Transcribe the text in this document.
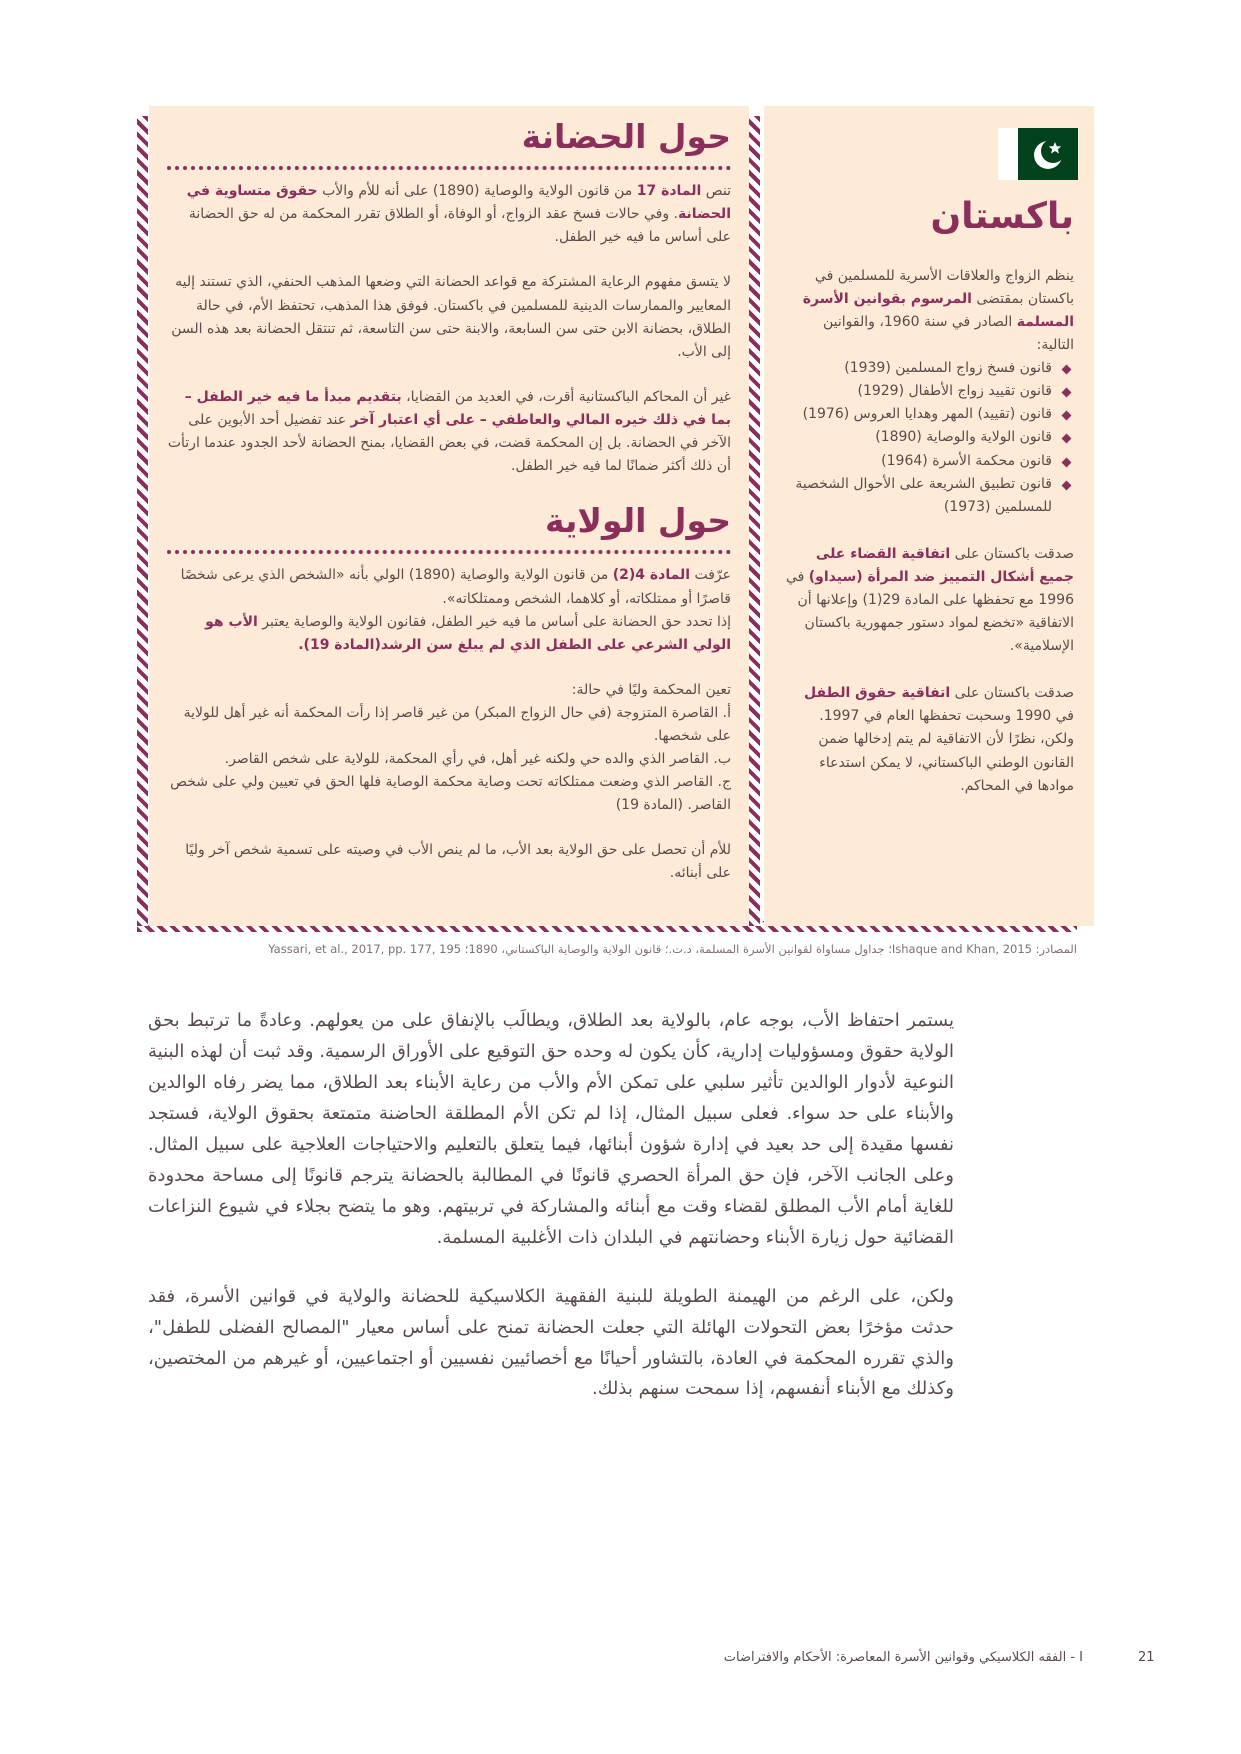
باكستان

ينظم الزواج والعلاقات الأسرية للمسلمين في باكستان بمقتضى المرسوم بقوانين الأسرة المسلمة الصادر في سنة 1960، والقوانين التالية:

قانون فسخ زواج المسلمين (1939)
قانون تقييد زواج الأطفال (1929)
قانون (تقييد) المهر وهدايا العروس (1976)
قانون الولاية والوصاية (1890)
قانون محكمة الأسرة (1964)
قانون تطبيق الشريعة على الأحوال الشخصية للمسلمين (1973)

صدقت باكستان على اتفاقية القضاء على جميع أشكال التمييز ضد المرأة (سيداو) في 1996 مع تحفظها على المادة 29(1) وإعلانها أن الاتفاقية «تخضع لمواد دستور جمهورية باكستان الإسلامية».

صدقت باكستان على اتفاقية حقوق الطفل في 1990 وسحبت تحفظها العام في 1997. ولكن، نظرًا لأن الاتفاقية لم يتم إدخالها ضمن القانون الوطني الباكستاني، لا يمكن استدعاء موادها في المحاكم.

حول الحضانة

تنص المادة 17 من قانون الولاية والوصاية (1890) على أنه للأم والأب حقوق متساوية في الحضانة. وفي حالات فسخ عقد الزواج، أو الوفاة، أو الطلاق تقرر المحكمة من له حق الحضانة على أساس ما فيه خير الطفل.

لا يتسق مفهوم الرعاية المشتركة مع قواعد الحضانة التي وضعها المذهب الحنفي، الذي تستند إليه المعايير والممارسات الدينية للمسلمين في باكستان. فوفق هذا المذهب، تحتفظ الأم، في حالة الطلاق، بحضانة الابن حتى سن السابعة، والابنة حتى سن التاسعة، ثم تنتقل الحضانة بعد هذه السن إلى الأب.

غير أن المحاكم الباكستانية أقرت، في العديد من القضايا، بتقديم مبدأ ما فيه خير الطفل – بما في ذلك خيره المالي والعاطفي – على أي اعتبار آخر عند تفضيل أحد الأبوين على الآخر في الحضانة. بل إن المحكمة قضت، في بعض القضايا، بمنح الحضانة لأحد الجدود عندما ارتأت أن ذلك أكثر ضمانًا لما فيه خير الطفل.

حول الولاية

عرّفت المادة 4(2) من قانون الولاية والوصاية (1890) الولي بأنه «الشخص الذي يرعى شخصًا قاصرًا أو ممتلكاته، أو كلاهما، الشخص وممتلكاته».
إذا تحدد حق الحضانة على أساس ما فيه خير الطفل، فقانون الولاية والوصاية يعتبر الأب هو الولي الشرعي على الطفل الذي لم يبلغ سن الرشد(المادة 19).

تعين المحكمة وليًا في حالة:
أ. القاصرة المتزوجة (في حال الزواج المبكر) من غير قاصر إذا رأت المحكمة أنه غير أهل للولاية على شخصها.
ب. القاصر الذي والده حي ولكنه غير أهل، في رأي المحكمة، للولاية على شخص القاصر.
ج. القاصر الذي وضعت ممتلكاته تحت وصاية محكمة الوصاية فلها الحق في تعيين ولي على شخص القاصر. (المادة 19)

للأم أن تحصل على حق الولاية بعد الأب، ما لم ينص الأب في وصيته على تسمية شخص آخر وليًا على أبنائه.

المصادر: Ishaque and Khan, 2015؛ جداول مساواة لقوانين الأسرة المسلمة، د.ت.؛ قانون الولاية والوصاية الباكستاني، 1890؛ Yassari, et al., 2017, pp. 177, 195

يستمر احتفاظ الأب، بوجه عام، بالولاية بعد الطلاق، ويطالَب بالإنفاق على من يعولهم. وعادةً ما ترتبط بحق الولاية حقوق ومسؤوليات إدارية، كأن يكون له وحده حق التوقيع على الأوراق الرسمية. وقد ثبت أن لهذه البنية النوعية لأدوار الوالدين تأثير سلبي على تمكن الأم والأب من رعاية الأبناء بعد الطلاق، مما يضر رفاه الوالدين والأبناء على حد سواء. فعلى سبيل المثال، إذا لم تكن الأم المطلقة الحاضنة متمتعة بحقوق الولاية، فستجد نفسها مقيدة إلى حد بعيد في إدارة شؤون أبنائها، فيما يتعلق بالتعليم والاحتياجات العلاجية على سبيل المثال. وعلى الجانب الآخر، فإن حق المرأة الحصري قانونًا في المطالبة بالحضانة يترجم قانونًا إلى مساحة محدودة للغاية أمام الأب المطلق لقضاء وقت مع أبنائه والمشاركة في تربيتهم. وهو ما يتضح بجلاء في شيوع النزاعات القضائية حول زيارة الأبناء وحضانتهم في البلدان ذات الأغلبية المسلمة.

ولكن، على الرغم من الهيمنة الطويلة للبنية الفقهية الكلاسيكية للحضانة والولاية في قوانين الأسرة، فقد حدثت مؤخرًا بعض التحولات الهائلة التي جعلت الحضانة تمنح على أساس معيار "المصالح الفضلى للطفل"، والذي تقرره المحكمة في العادة، بالتشاور أحيانًا مع أخصائيين نفسيين أو اجتماعيين، أو غيرهم من المختصين، وكذلك مع الأبناء أنفسهم، إذا سمحت سنهم بذلك.

I - الفقه الكلاسيكي وقوانين الأسرة المعاصرة: الأحكام والافتراضات	21
